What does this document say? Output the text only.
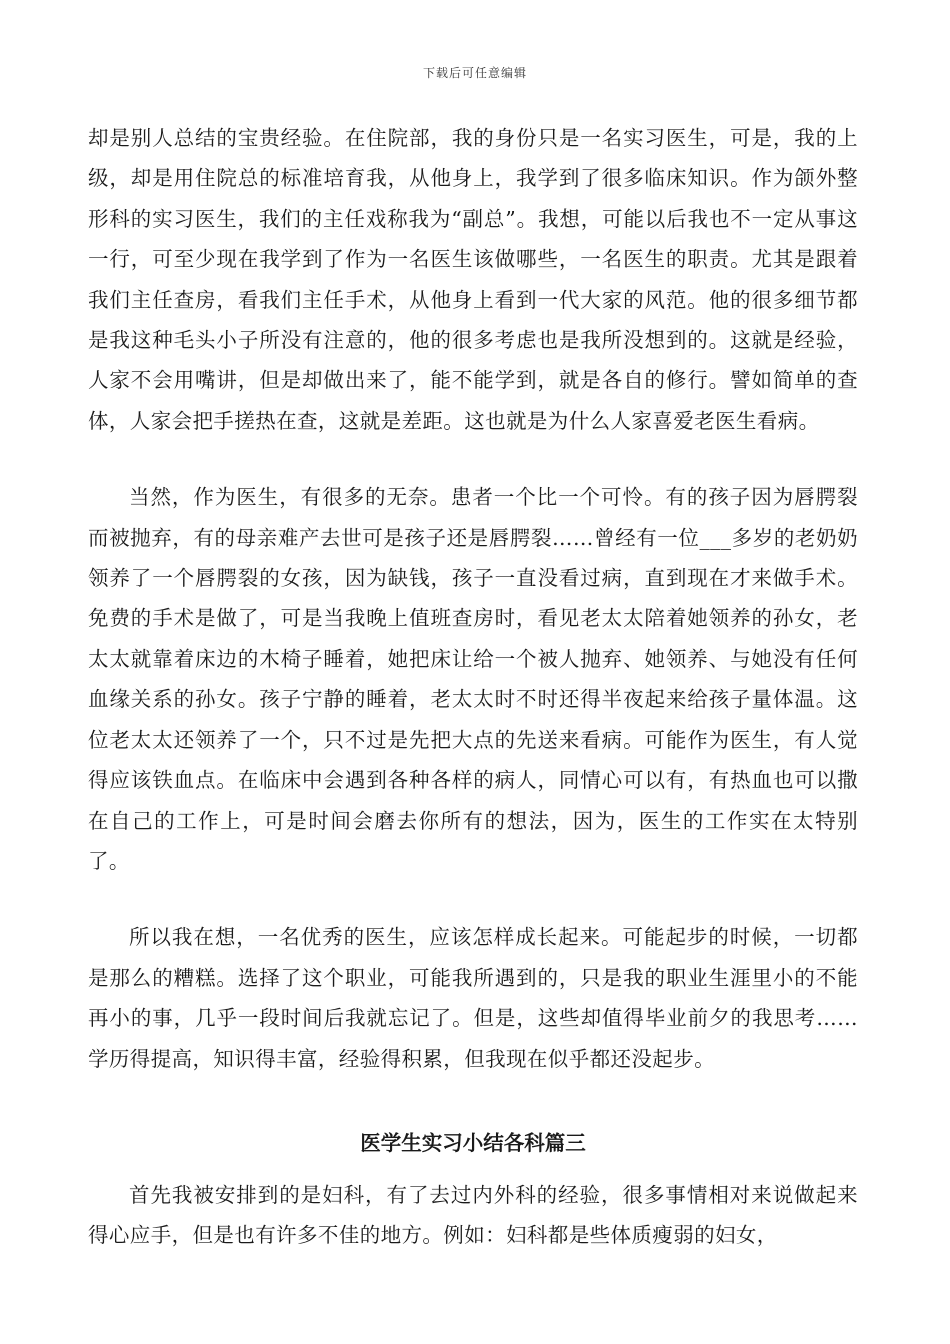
下载后可任意编辑

却是别人总结的宝贵经验。在住院部，我的身份只是一名实习医生，可是，我的上级，却是用住院总的标准培育我，从他身上，我学到了很多临床知识。作为颌外整形科的实习医生，我们的主任戏称我为“副总”。我想，可能以后我也不一定从事这一行，可至少现在我学到了作为一名医生该做哪些，一名医生的职责。尤其是跟着我们主任查房，看我们主任手术，从他身上看到一代大家的风范。他的很多细节都是我这种毛头小子所没有注意的，他的很多考虑也是我所没想到的。这就是经验，人家不会用嘴讲，但是却做出来了，能不能学到，就是各自的修行。譬如简单的查体，人家会把手搓热在查，这就是差距。这也就是为什么人家喜爱老医生看病。

当然，作为医生，有很多的无奈。患者一个比一个可怜。有的孩子因为唇腭裂而被抛弃，有的母亲难产去世可是孩子还是唇腭裂……曾经有一位___多岁的老奶奶领养了一个唇腭裂的女孩，因为缺钱，孩子一直没看过病，直到现在才来做手术。免费的手术是做了，可是当我晚上值班查房时，看见老太太陪着她领养的孙女，老太太就靠着床边的木椅子睡着，她把床让给一个被人抛弃、她领养、与她没有任何血缘关系的孙女。孩子宁静的睡着，老太太时不时还得半夜起来给孩子量体温。这位老太太还领养了一个，只不过是先把大点的先送来看病。可能作为医生，有人觉得应该铁血点。在临床中会遇到各种各样的病人，同情心可以有，有热血也可以撒在自己的工作上，可是时间会磨去你所有的想法，因为，医生的工作实在太特别了。

所以我在想，一名优秀的医生，应该怎样成长起来。可能起步的时候，一切都是那么的糟糕。选择了这个职业，可能我所遇到的，只是我的职业生涯里小的不能再小的事，几乎一段时间后我就忘记了。但是，这些却值得毕业前夕的我思考……学历得提高，知识得丰富，经验得积累，但我现在似乎都还没起步。

医学生实习小结各科篇三

首先我被安排到的是妇科，有了去过内外科的经验，很多事情相对来说做起来得心应手，但是也有许多不佳的地方。例如：妇科都是些体质瘦弱的妇女，
